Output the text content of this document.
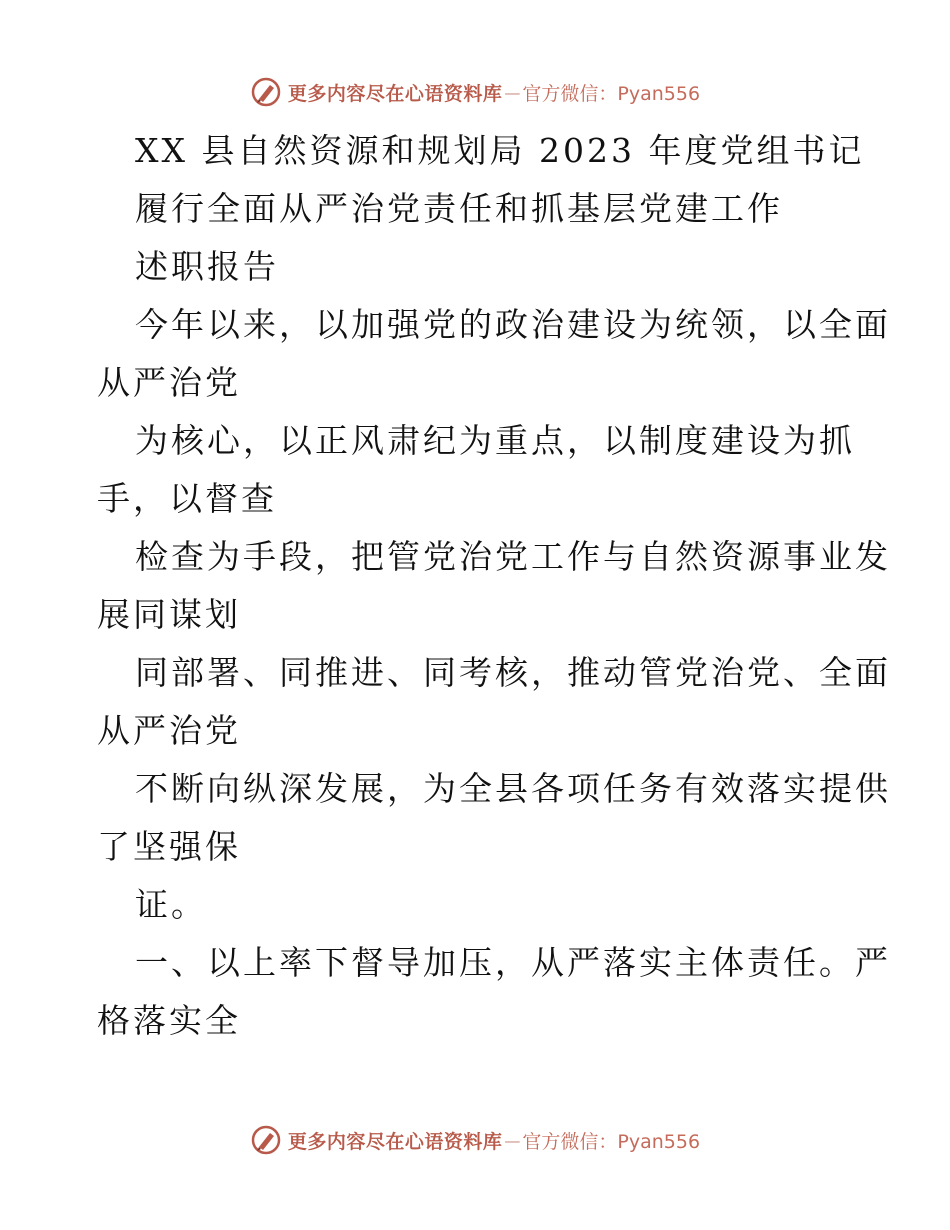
更多内容尽在心语资料库 — 官方微信：Pyan556

XX 县自然资源和规划局 2023 年度党组书记

履行全面从严治党责任和抓基层党建工作

述职报告

今年以来，以加强党的政治建设为统领，以全面

从严治党

为核心，以正风肃纪为重点，以制度建设为抓

手，以督查

检查为手段，把管党治党工作与自然资源事业发

展同谋划

同部署、同推进、同考核，推动管党治党、全面

从严治党

不断向纵深发展，为全县各项任务有效落实提供

了坚强保

证。

一、以上率下督导加压，从严落实主体责任。严

格落实全

更多内容尽在心语资料库 — 官方微信：Pyan556
